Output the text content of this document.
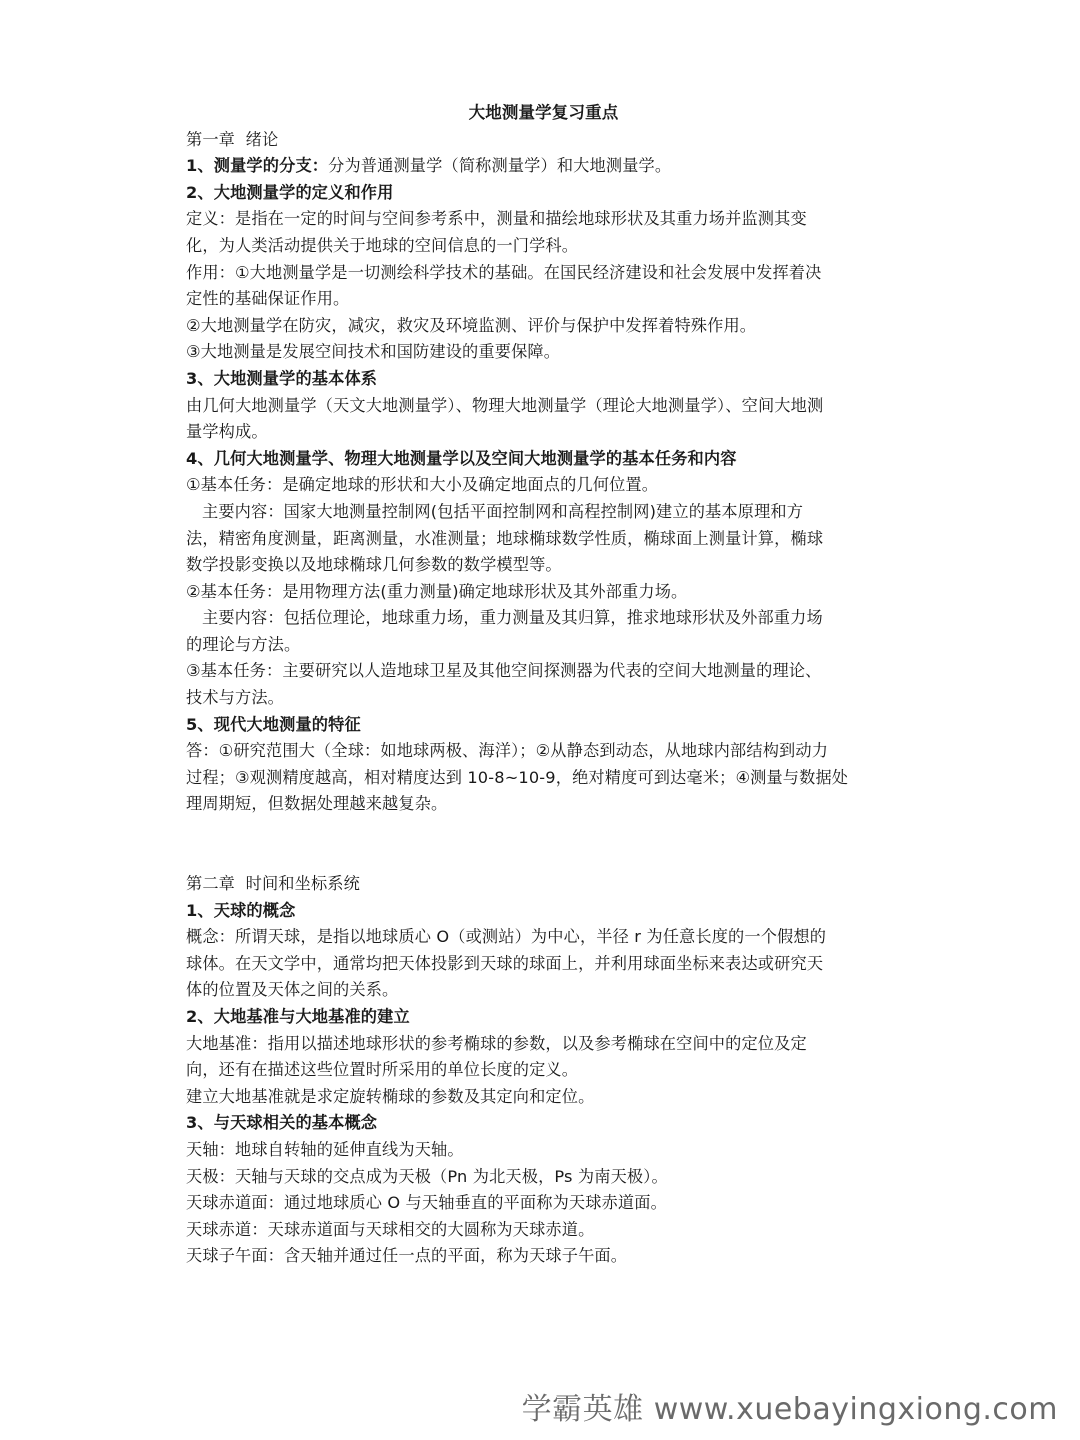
大地测量学复习重点

第一章  绪论

1、测量学的分支：分为普通测量学（简称测量学）和大地测量学。

2、大地测量学的定义和作用

定义：是指在一定的时间与空间参考系中，测量和描绘地球形状及其重力场并监测其变

化，为人类活动提供关于地球的空间信息的一门学科。

作用：①大地测量学是一切测绘科学技术的基础。在国民经济建设和社会发展中发挥着决

定性的基础保证作用。

②大地测量学在防灾，减灾，救灾及环境监测、评价与保护中发挥着特殊作用。

③大地测量是发展空间技术和国防建设的重要保障。

3、大地测量学的基本体系

由几何大地测量学（天文大地测量学）、物理大地测量学（理论大地测量学）、空间大地测

量学构成。

4、几何大地测量学、物理大地测量学以及空间大地测量学的基本任务和内容

①基本任务：是确定地球的形状和大小及确定地面点的几何位置。

主要内容：国家大地测量控制网(包括平面控制网和高程控制网)建立的基本原理和方

法，精密角度测量，距离测量，水准测量；地球椭球数学性质，椭球面上测量计算，椭球

数学投影变换以及地球椭球几何参数的数学模型等。

②基本任务：是用物理方法(重力测量)确定地球形状及其外部重力场。

主要内容：包括位理论，地球重力场，重力测量及其归算，推求地球形状及外部重力场

的理论与方法。

③基本任务：主要研究以人造地球卫星及其他空间探测器为代表的空间大地测量的理论、

技术与方法。

5、现代大地测量的特征

答：①研究范围大（全球：如地球两极、海洋）；②从静态到动态，从地球内部结构到动力

过程；③观测精度越高，相对精度达到 10-8~10-9，绝对精度可到达毫米；④测量与数据处

理周期短，但数据处理越来越复杂。

第二章  时间和坐标系统

1、天球的概念

概念：所谓天球，是指以地球质心 O（或测站）为中心，半径 r 为任意长度的一个假想的

球体。在天文学中，通常均把天体投影到天球的球面上，并利用球面坐标来表达或研究天

体的位置及天体之间的关系。

2、大地基准与大地基准的建立

大地基准：指用以描述地球形状的参考椭球的参数，以及参考椭球在空间中的定位及定

向，还有在描述这些位置时所采用的单位长度的定义。

建立大地基准就是求定旋转椭球的参数及其定向和定位。

3、与天球相关的基本概念

天轴：地球自转轴的延伸直线为天轴。

天极：天轴与天球的交点成为天极（Pn 为北天极，Ps 为南天极）。

天球赤道面：通过地球质心 O 与天轴垂直的平面称为天球赤道面。

天球赤道：天球赤道面与天球相交的大圆称为天球赤道。

天球子午面：含天轴并通过任一点的平面，称为天球子午面。

学霸英雄 www.xuebayingxiong.com
